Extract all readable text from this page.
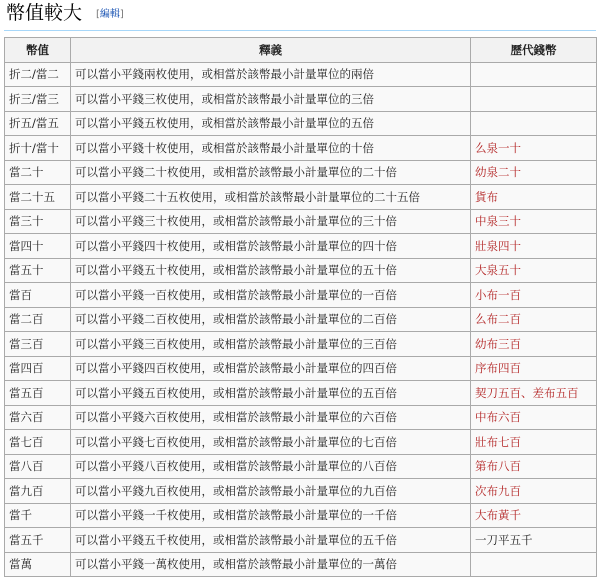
幣值較大 [編輯]
幣值	釋義	歷代錢幣
折二/當二	可以當小平錢兩枚使用，或相當於該幣最小計量單位的兩倍	
折三/當三	可以當小平錢三枚使用，或相當於該幣最小計量單位的三倍	
折五/當五	可以當小平錢五枚使用，或相當於該幣最小計量單位的五倍	
折十/當十	可以當小平錢十枚使用，或相當於該幣最小計量單位的十倍	么泉一十
當二十	可以當小平錢二十枚使用，或相當於該幣最小計量單位的二十倍	幼泉二十
當二十五	可以當小平錢二十五枚使用，或相當於該幣最小計量單位的二十五倍	貨布
當三十	可以當小平錢三十枚使用，或相當於該幣最小計量單位的三十倍	中泉三十
當四十	可以當小平錢四十枚使用，或相當於該幣最小計量單位的四十倍	壯泉四十
當五十	可以當小平錢五十枚使用，或相當於該幣最小計量單位的五十倍	大泉五十
當百	可以當小平錢一百枚使用，或相當於該幣最小計量單位的一百倍	小布一百
當二百	可以當小平錢二百枚使用，或相當於該幣最小計量單位的二百倍	么布二百
當三百	可以當小平錢三百枚使用，或相當於該幣最小計量單位的三百倍	幼布三百
當四百	可以當小平錢四百枚使用，或相當於該幣最小計量單位的四百倍	序布四百
當五百	可以當小平錢五百枚使用，或相當於該幣最小計量單位的五百倍	契刀五百、差布五百
當六百	可以當小平錢六百枚使用，或相當於該幣最小計量單位的六百倍	中布六百
當七百	可以當小平錢七百枚使用，或相當於該幣最小計量單位的七百倍	壯布七百
當八百	可以當小平錢八百枚使用，或相當於該幣最小計量單位的八百倍	第布八百
當九百	可以當小平錢九百枚使用，或相當於該幣最小計量單位的九百倍	次布九百
當千	可以當小平錢一千枚使用，或相當於該幣最小計量單位的一千倍	大布黃千
當五千	可以當小平錢五千枚使用，或相當於該幣最小計量單位的五千倍	一刀平五千
當萬	可以當小平錢一萬枚使用，或相當於該幣最小計量單位的一萬倍	
